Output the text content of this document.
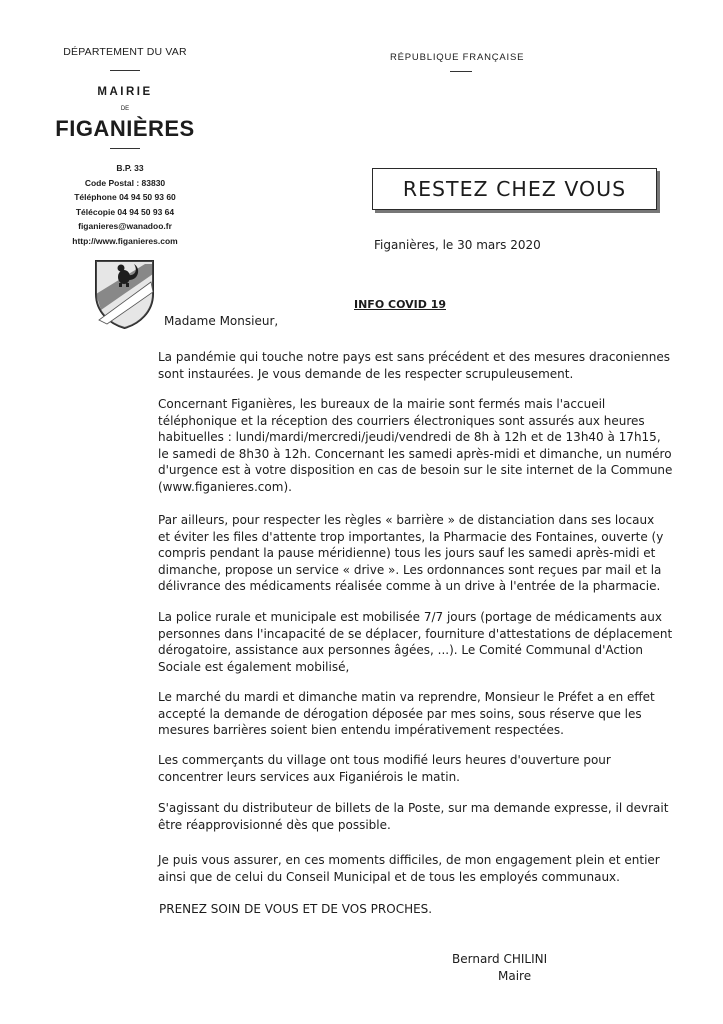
DÉPARTEMENT DU VAR
MAIRIE
DE
FIGANIÈRES
B.P. 33
Code Postal : 83830
Téléphone 04 94 50 93 60
Télécopie 04 94 50 93 64
figanieres@wanadoo.fr
http://www.figanieres.com
RÉPUBLIQUE FRANÇAISE
RESTEZ CHEZ VOUS
Figanières, le 30 mars 2020
INFO COVID 19
Madame Monsieur,

La pandémie qui touche notre pays est sans précédent et des mesures draconiennes

sont instaurées. Je vous demande de les respecter scrupuleusement.

Concernant Figanières, les bureaux de la mairie sont fermés mais l'accueil

téléphonique et la réception des courriers électroniques sont assurés aux heures

habituelles : lundi/mardi/mercredi/jeudi/vendredi de 8h à 12h et de 13h40 à 17h15,

le samedi de 8h30 à 12h. Concernant les samedi après-midi et dimanche, un numéro

d'urgence est à votre disposition en cas de besoin sur le site internet de la Commune

(www.figanieres.com).

Par ailleurs, pour respecter les règles « barrière » de distanciation dans ses locaux

et éviter les files d'attente trop importantes, la Pharmacie des Fontaines, ouverte (y

compris pendant la pause méridienne) tous les jours sauf les samedi après-midi et

dimanche, propose un service « drive ». Les ordonnances sont reçues par mail et la

délivrance des médicaments réalisée comme à un drive à l'entrée de la pharmacie.

La police rurale et municipale est mobilisée 7/7 jours (portage de médicaments aux

personnes dans l'incapacité de se déplacer, fourniture d'attestations de déplacement

dérogatoire, assistance aux personnes âgées, ...). Le Comité Communal d'Action

Sociale est également mobilisé,

Le marché du mardi et dimanche matin va reprendre, Monsieur le Préfet a en effet

accepté la demande de dérogation déposée par mes soins, sous réserve que les

mesures barrières soient bien entendu impérativement respectées.

Les commerçants du village ont tous modifié leurs heures d'ouverture pour

concentrer leurs services aux Figaniérois le matin.

S'agissant du distributeur de billets de la Poste, sur ma demande expresse, il devrait

être réapprovisionné dès que possible.

Je puis vous assurer, en ces moments difficiles, de mon engagement plein et entier

ainsi que de celui du Conseil Municipal et de tous les employés communaux.

PRENEZ SOIN DE VOUS ET DE VOS PROCHES.
Bernard CHILINI
Maire
